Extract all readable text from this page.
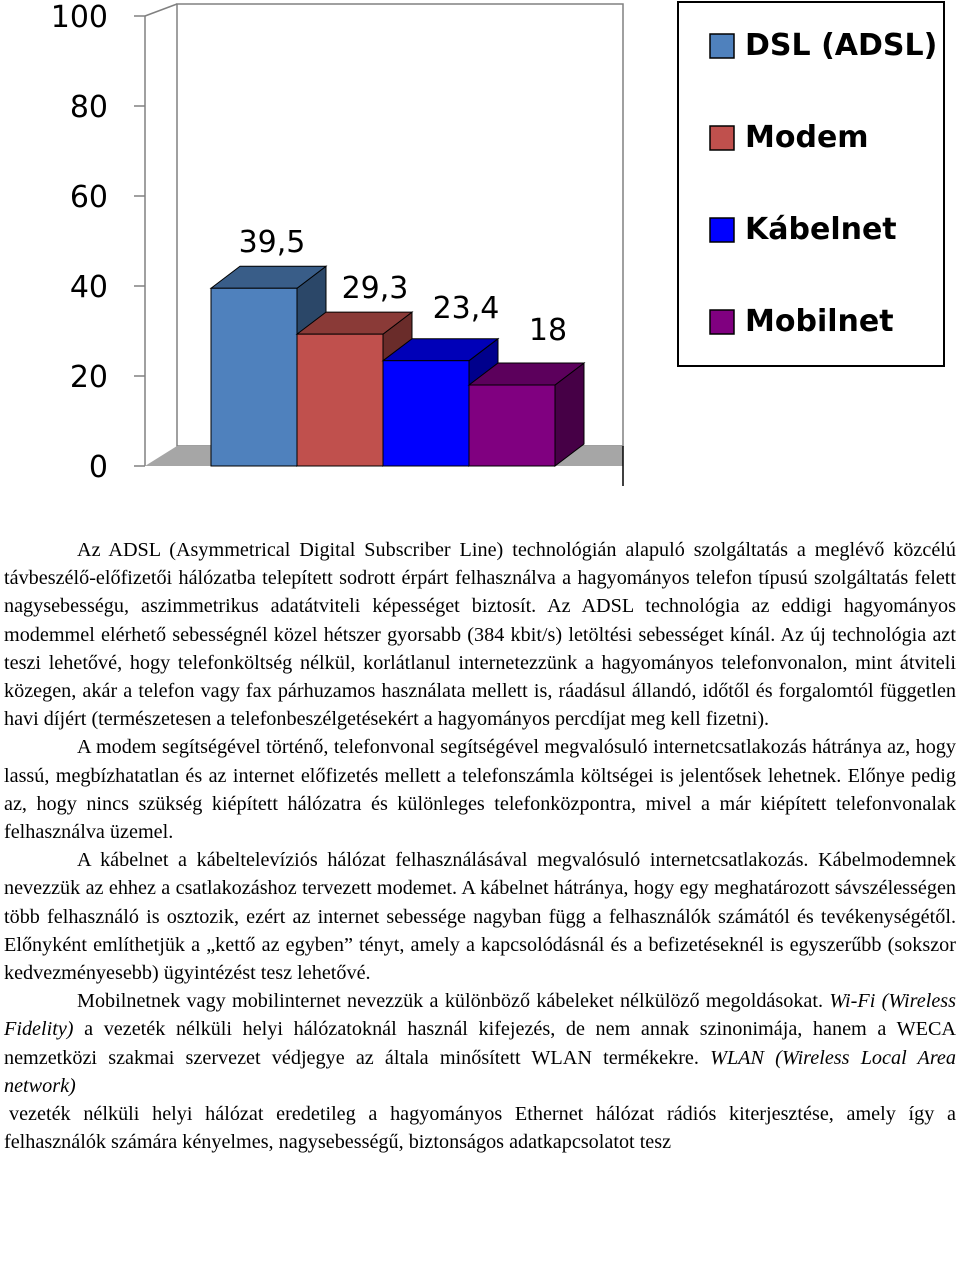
0
20
40
60
80
100
39,5
29,3
23,4
18
DSL (ADSL)
Modem
Kábelnet
Mobilnet

Az ADSL (Asymmetrical Digital Subscriber Line) technológián alapuló szolgáltatás a meglévő közcélú távbeszélő-előfizetői hálózatba telepített sodrott érpárt felhasználva a hagyományos telefon típusú szolgáltatás felett nagysebességu, aszimmetrikus adatátviteli képességet biztosít. Az ADSL technológia az eddigi hagyományos modemmel elérhető sebességnél közel hétszer gyorsabb (384 kbit/s) letöltési sebességet kínál. Az új technológia azt teszi lehetővé, hogy telefonköltség nélkül, korlátlanul internetezzünk a hagyományos telefonvonalon, mint átviteli közegen, akár a telefon vagy fax párhuzamos használata mellett is, ráadásul állandó, időtől és forgalomtól független havi díjért (természetesen a telefonbeszélgetésekért a hagyományos percdíjat meg kell fizetni).

A modem segítségével történő, telefonvonal segítségével megvalósuló internetcsatlakozás hátránya az, hogy lassú, megbízhatatlan és az internet előfizetés mellett a telefonszámla költségei is jelentősek lehetnek. Előnye pedig az, hogy nincs szükség kiépített hálózatra és különleges telefonközpontra, mivel a már kiépített telefonvonalak felhasználva üzemel.

A kábelnet a kábeltelevíziós hálózat felhasználásával megvalósuló internetcsatlakozás. Kábelmodemnek nevezzük az ehhez a csatlakozáshoz tervezett modemet. A kábelnet hátránya, hogy egy meghatározott sávszélességen több felhasználó is osztozik, ezért az internet sebessége nagyban függ a felhasználók számától és tevékenységétől. Előnyként említhetjük a „kettő az egyben” tényt, amely a kapcsolódásnál és a befizetéseknél is egyszerűbb (sokszor kedvezményesebb) ügyintézést tesz lehetővé.

Mobilnetnek vagy mobilinternet nevezzük a különböző kábeleket nélkülöző megoldásokat. Wi-Fi (Wireless Fidelity) a vezeték nélküli helyi hálózatoknál használ kifejezés, de nem annak szinonimája, hanem a WECA nemzetközi szakmai szervezet védjegye az általa minősített WLAN termékekre. WLAN (Wireless Local Area network)

vezeték nélküli helyi hálózat eredetileg a hagyományos Ethernet hálózat rádiós kiterjesztése, amely így a felhasználók számára kényelmes, nagysebességű, biztonságos adatkapcsolatot tesz
